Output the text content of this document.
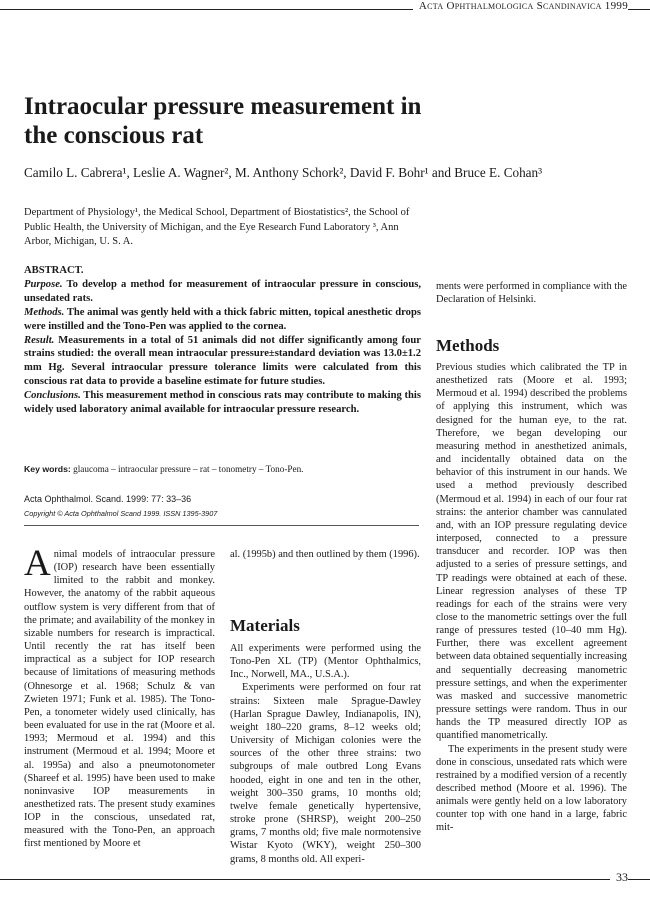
Acta Ophthalmologica Scandinavica 1999
Intraocular pressure measurement in the conscious rat
Camilo L. Cabrera¹, Leslie A. Wagner², M. Anthony Schork², David F. Bohr¹ and Bruce E. Cohan³
Department of Physiology¹, the Medical School, Department of Biostatistics², the School of Public Health, the University of Michigan, and the Eye Research Fund Laboratory ³, Ann Arbor, Michigan, U. S. A.

ABSTRACT.

Purpose. To develop a method for measurement of intraocular pressure in conscious, unsedated rats.

Methods. The animal was gently held with a thick fabric mitten, topical anesthetic drops were instilled and the Tono-Pen was applied to the cornea.

Result. Measurements in a total of 51 animals did not differ significantly among four strains studied: the overall mean intraocular pressure±standard deviation was 13.0±1.2 mm Hg. Several intraocular pressure tolerance limits were calculated from this conscious rat data to provide a baseline estimate for future studies.

Conclusions. This measurement method in conscious rats may contribute to making this widely used laboratory animal available for intraocular pressure research.

Key words: glaucoma – intraocular pressure – rat – tonometry – Tono-Pen.
Acta Ophthalmol. Scand. 1999: 77: 33–36
Copyright © Acta Ophthalmol Scand 1999. ISSN 1395-3907

Animal models of intraocular pressure (IOP) research have been essentially limited to the rabbit and monkey. However, the anatomy of the rabbit aqueous outflow system is very different from that of the primate; and availability of the monkey in sizable numbers for research is impractical. Until recently the rat has itself been impractical as a subject for IOP research because of limitations of measuring methods (Ohnesorge et al. 1968; Schulz & van Zwieten 1971; Funk et al. 1985). The Tono-Pen, a tonometer widely used clinically, has been evaluated for use in the rat (Moore et al. 1993; Mermoud et al. 1994) and this instrument (Mermoud et al. 1994; Moore et al. 1995a) and also a pneumotonometer (Shareef et al. 1995) have been used to make noninvasive IOP measurements in anesthetized rats. The present study examines IOP in the conscious, unsedated rat, measured with the Tono-Pen, an approach first mentioned by Moore et

al. (1995b) and then outlined by them (1996).

Materials

All experiments were performed using the Tono-Pen XL (TP) (Mentor Ophthalmics, Inc., Norwell, MA., U.S.A.).

Experiments were performed on four rat strains: Sixteen male Sprague-Dawley (Harlan Sprague Dawley, Indianapolis, IN), weight 180–220 grams, 8–12 weeks old; University of Michigan colonies were the sources of the other three strains: two subgroups of male outbred Long Evans hooded, eight in one and ten in the other, weight 300–350 grams, 10 months old; twelve female genetically hypertensive, stroke prone (SHRSP), weight 200–250 grams, 7 months old; five male normotensive Wistar Kyoto (WKY), weight 250–300 grams, 8 months old. All experi-

ments were performed in compliance with the Declaration of Helsinki.

Methods

Previous studies which calibrated the TP in anesthetized rats (Moore et al. 1993; Mermoud et al. 1994) described the problems of applying this instrument, which was designed for the human eye, to the rat. Therefore, we began developing our measuring method in anesthetized animals, and incidentally obtained data on the behavior of this instrument in our hands. We used a method previously described (Mermoud et al. 1994) in each of our four rat strains: the anterior chamber was cannulated and, with an IOP pressure regulating device interposed, connected to a pressure transducer and recorder. IOP was then adjusted to a series of pressure settings, and TP readings were obtained at each of these. Linear regression analyses of these TP readings for each of the strains were very close to the manometric settings over the full range of pressures tested (10–40 mm Hg). Further, there was excellent agreement between data obtained sequentially increasing and sequentially decreasing manometric pressure settings, and when the experimenter was masked and successive manometric pressure settings were random. Thus in our hands the TP measured directly IOP as quantified manometrically.

The experiments in the present study were done in conscious, unsedated rats which were restrained by a modified version of a recently described method (Moore et al. 1996). The animals were gently held on a low laboratory counter top with one hand in a large, fabric mit-

33
